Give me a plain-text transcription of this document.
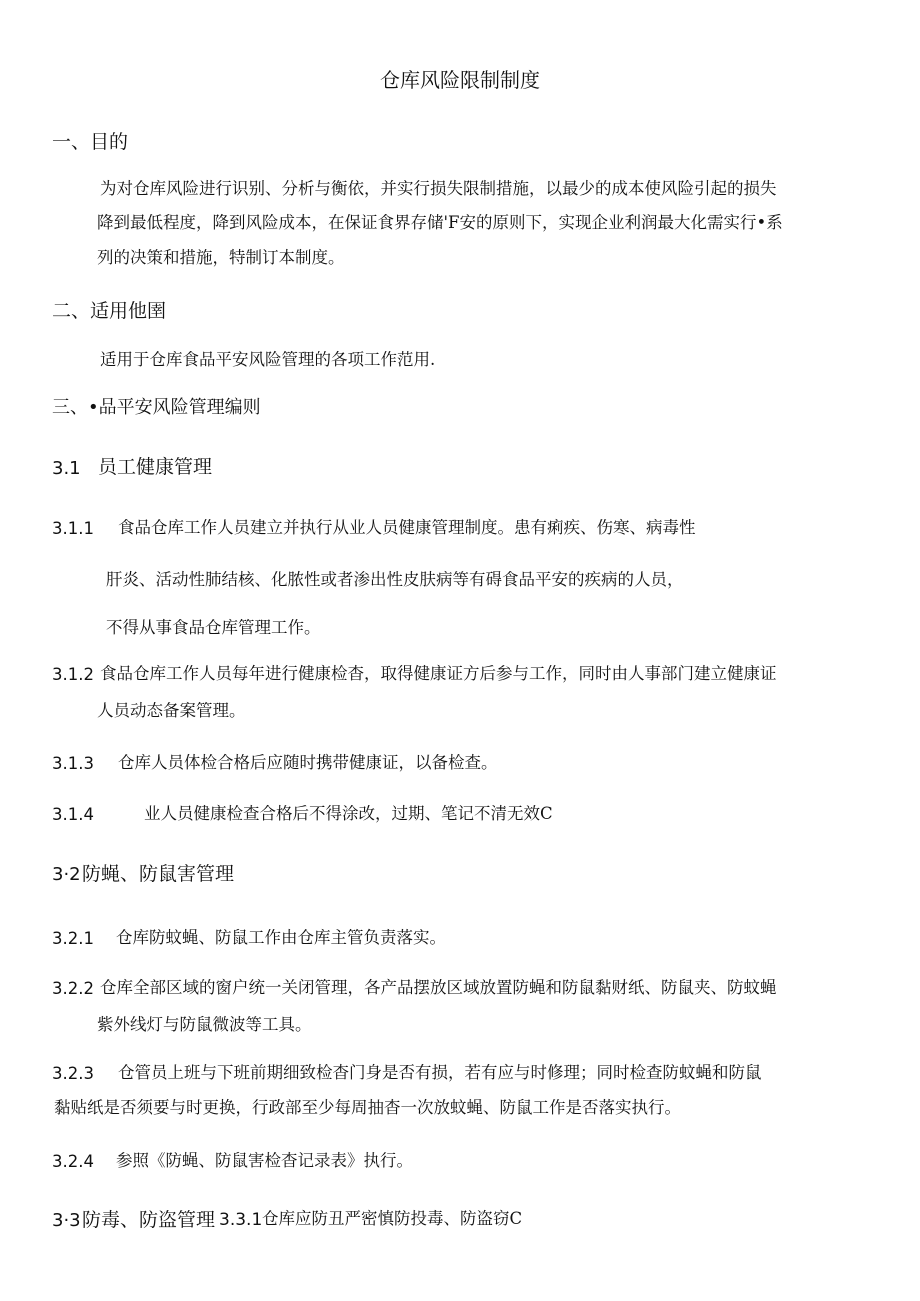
仓库风险限制制度
一、目的
为对仓库风险进行识别、分析与衡依，并实行损失限制措施，以最少的成本使风险引起的损失
降到最低程度，降到风险成本，在保证食界存储'F安的原则下，实现企业利润最大化需实行•系
列的决策和措施，特制订本制度。
二、适用他圉
适用于仓库食品平安风险管理的各项工作范用.
三、•品平安风险管理编则
3.1 员工健康管理
3.1.1 食品仓库工作人员建立并执行从业人员健康管理制度。患有痢疾、伤寒、病毒性
肝炎、活动性肺结核、化脓性或者渗出性皮肤病等有碍食品平安的疾病的人员，
不得从事食品仓库管理工作。
3.1.2 食品仓库工作人员每年进行健康检杳，取得健康证方后参与工作，同时由人事部门建立健康证
人员动态备案管理。
3.1.3 仓库人员体检合格后应随时携带健康证，以备检查。
3.1.4	业人员健康检查合格后不得涂改，过期、笔记不清无效C
3·2 防蝇、防鼠害管理
3.2.1 仓库防蚊蝇、防鼠工作由仓库主管负责落实。
3.2.2 仓库全部区域的窗户统一关闭管理，各产品摆放区域放置防蝇和防鼠黏财纸、防鼠夹、防蚊蝇
紫外线灯与防鼠微波等工具。
3.2.3 仓管员上班与下班前期细致检杳门身是否有损，若有应与时修理；同时检查防蚊蝇和防鼠
黏贴纸是否须要与时更换，行政部至少每周抽杳一次放蚊蝇、防鼠工作是否落实执行。
3.2.4 参照《防蝇、防鼠害检杳记录表》执行。
3·3 防毒、防盗管理 3.3.1 仓库应防丑严密慎防投毒、防盗窃C
